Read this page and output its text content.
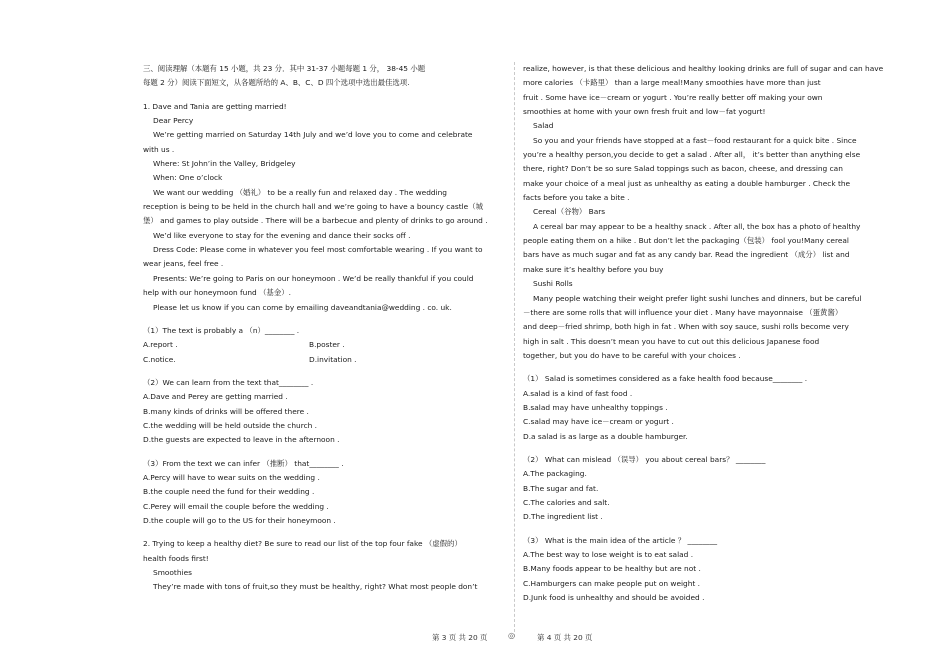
三、阅读理解（本题有 15 小题，共 23 分．其中 31-37 小题每题 1 分， 38-45 小题
每题 2 分）阅读下面短文，从各题所给的 A、B、C、D 四个选项中选出最佳选项.
1. Dave and Tania are getting married!
Dear Percy
We’re getting married on Saturday 14th July and we’d love you to come and celebrate
with us .
Where: St John’in the Valley, Bridgeley
When: One o’clock
We want our wedding （婚礼） to be a really fun and relaxed day . The wedding
reception is being to be held in the church hall and we’re going to have a bouncy castle（城
堡） and games to play outside . There will be a barbecue and plenty of drinks to go around .
We’d like everyone to stay for the evening and dance their socks off .
Dress Code: Please come in whatever you feel most comfortable wearing . If you want to
wear jeans, feel free .
Presents: We’re going to Paris on our honeymoon . We’d be really thankful if you could
help with our honeymoon fund （基金）.
Please let us know if you can come by emailing daveandtania@wedding . co. uk.
（1）The text is probably a （n）________ .
A.report .	B.poster .
C.notice.	D.invitation .
（2）We can learn from the text that________ .
A.Dave and Perey are getting married .
B.many kinds of drinks will be offered there .
C.the wedding will be held outside the church .
D.the guests are expected to leave in the afternoon .
（3）From the text we can infer （推断） that________ .
A.Percy will have to wear suits on the wedding .
B.the couple need the fund for their wedding .
C.Perey will email the couple before the wedding .
D.the couple will go to the US for their honeymoon .
2. Trying to keep a healthy diet? Be sure to read our list of the top four fake （虚假的）
health foods first!
Smoothies
They’re made with tons of fruit,so they must be healthy, right? What most people don’t
realize, however, is that these delicious and healthy looking drinks are full of sugar and can have
more calories （卡路里） than a large meal!Many smoothies have more than just
fruit . Some have ice－cream or yogurt . You’re really better off making your own
smoothies at home with your own fresh fruit and low－fat yogurt!
Salad
So you and your friends have stopped at a fast－food restaurant for a quick bite . Since
you’re a healthy person,you decide to get a salad . After all， it’s better than anything else
there, right? Don’t be so sure Salad toppings such as bacon, cheese, and dressing can
make your choice of a meal just as unhealthy as eating a double hamburger . Check the
facts before you take a bite .
Cereal（谷物） Bars
A cereal bar may appear to be a healthy snack . After all, the box has a photo of healthy
people eating them on a hike . But don’t let the packaging（包装） fool you!Many cereal
bars have as much sugar and fat as any candy bar. Read the ingredient （成分） list and
make sure it’s healthy before you buy
Sushi Rolls
Many people watching their weight prefer light sushi lunches and dinners, but be careful
－there are some rolls that will influence your diet . Many have mayonnaise （蛋黄酱）
and deep－fried shrimp, both high in fat . When with soy sauce, sushi rolls become very
high in salt . This doesn’t mean you have to cut out this delicious Japanese food
together, but you do have to be careful with your choices .
（1） Salad is sometimes considered as a fake health food because________ .
A.salad is a kind of fast food .
B.salad may have unhealthy toppings .
C.salad may have ice－cream or yogurt .
D.a salad is as large as a double hamburger.
（2） What can mislead （误导） you about cereal bars？ ________
A.The packaging.
B.The sugar and fat.
C.The calories and salt.
D.The ingredient list .
（3） What is the main idea of the article ？ ________
A.The best way to lose weight is to eat salad .
B.Many foods appear to be healthy but are not .
C.Hamburgers can make people put on weight .
D.Junk food is unhealthy and should be avoided .
第 3 页 共 20 页	◎	第 4 页 共 20 页
